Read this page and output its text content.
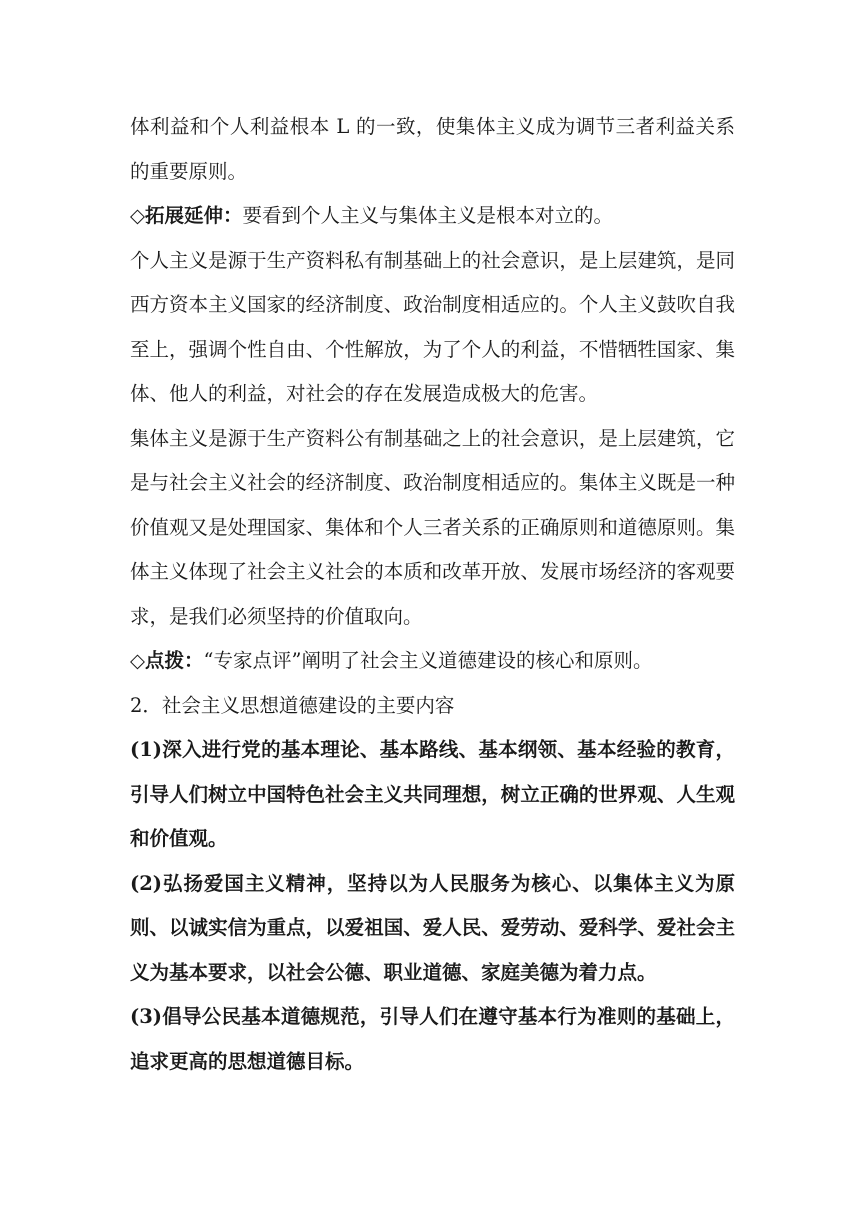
体利益和个人利益根本 L 的一致，使集体主义成为调节三者利益关系的重要原则。

◇拓展延伸：要看到个人主义与集体主义是根本对立的。

个人主义是源于生产资料私有制基础上的社会意识，是上层建筑，是同西方资本主义国家的经济制度、政治制度相适应的。个人主义鼓吹自我至上，强调个性自由、个性解放，为了个人的利益，不惜牺牲国家、集体、他人的利益，对社会的存在发展造成极大的危害。

集体主义是源于生产资料公有制基础之上的社会意识，是上层建筑，它是与社会主义社会的经济制度、政治制度相适应的。集体主义既是一种价值观又是处理国家、集体和个人三者关系的正确原则和道德原则。集体主义体现了社会主义社会的本质和改革开放、发展市场经济的客观要求，是我们必须坚持的价值取向。

◇点拨：“专家点评”阐明了社会主义道德建设的核心和原则。

2．社会主义思想道德建设的主要内容

(1)深入进行党的基本理论、基本路线、基本纲领、基本经验的教育，引导人们树立中国特色社会主义共同理想，树立正确的世界观、人生观和价值观。

(2)弘扬爱国主义精神，坚持以为人民服务为核心、以集体主义为原则、以诚实信为重点，以爱祖国、爱人民、爱劳动、爱科学、爱社会主义为基本要求，以社会公德、职业道德、家庭美德为着力点。

(3)倡导公民基本道德规范，引导人们在遵守基本行为准则的基础上，追求更高的思想道德目标。
